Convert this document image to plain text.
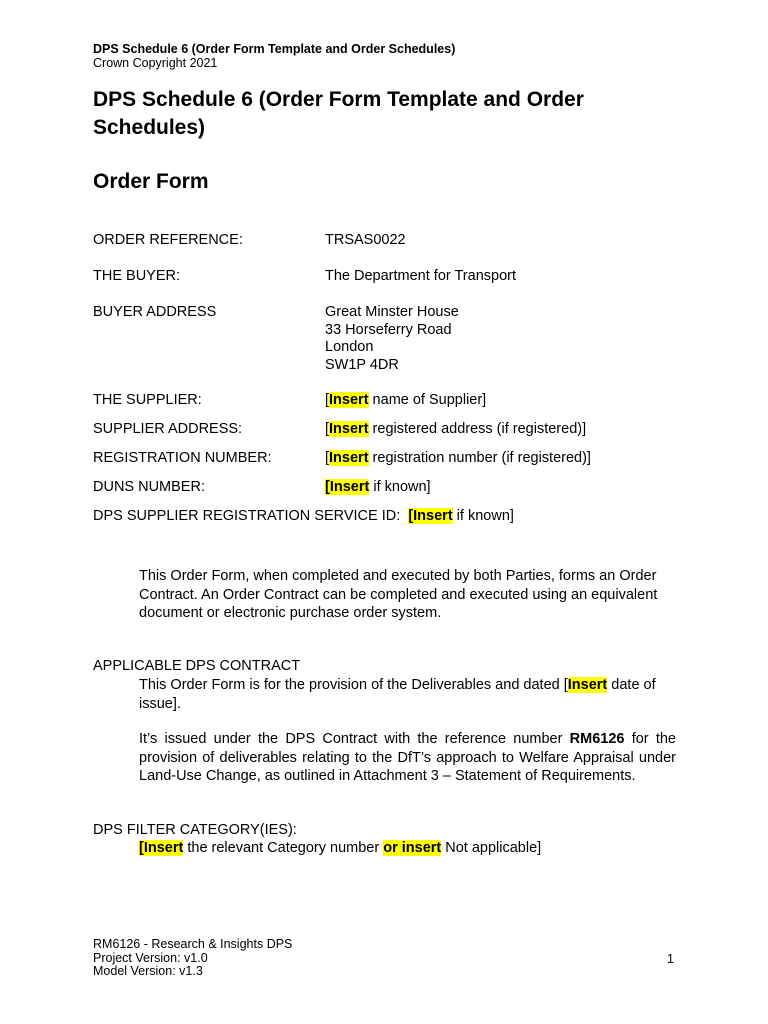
DPS Schedule 6 (Order Form Template and Order Schedules)
Crown Copyright 2021
DPS Schedule 6 (Order Form Template and Order Schedules)
Order Form
ORDER REFERENCE:	TRSAS0022
THE BUYER:	The Department for Transport
BUYER ADDRESS	Great Minster House
33 Horseferry Road
London
SW1P 4DR
THE SUPPLIER:	[Insert name of Supplier]
SUPPLIER ADDRESS:	[Insert registered address (if registered)]
REGISTRATION NUMBER:	[Insert registration number (if registered)]
DUNS NUMBER:	[Insert if known]
DPS SUPPLIER REGISTRATION SERVICE ID: [Insert if known]

This Order Form, when completed and executed by both Parties, forms an Order Contract. An Order Contract can be completed and executed using an equivalent document or electronic purchase order system.

APPLICABLE DPS CONTRACT

This Order Form is for the provision of the Deliverables and dated [Insert date of issue].

It’s issued under the DPS Contract with the reference number RM6126 for the provision of deliverables relating to the DfT’s approach to Welfare Appraisal under Land-Use Change, as outlined in Attachment 3 – Statement of Requirements.

DPS FILTER CATEGORY(IES):

[Insert the relevant Category number or insert Not applicable]

RM6126 - Research & Insights DPS
Project Version: v1.0
Model Version: v1.3
1
